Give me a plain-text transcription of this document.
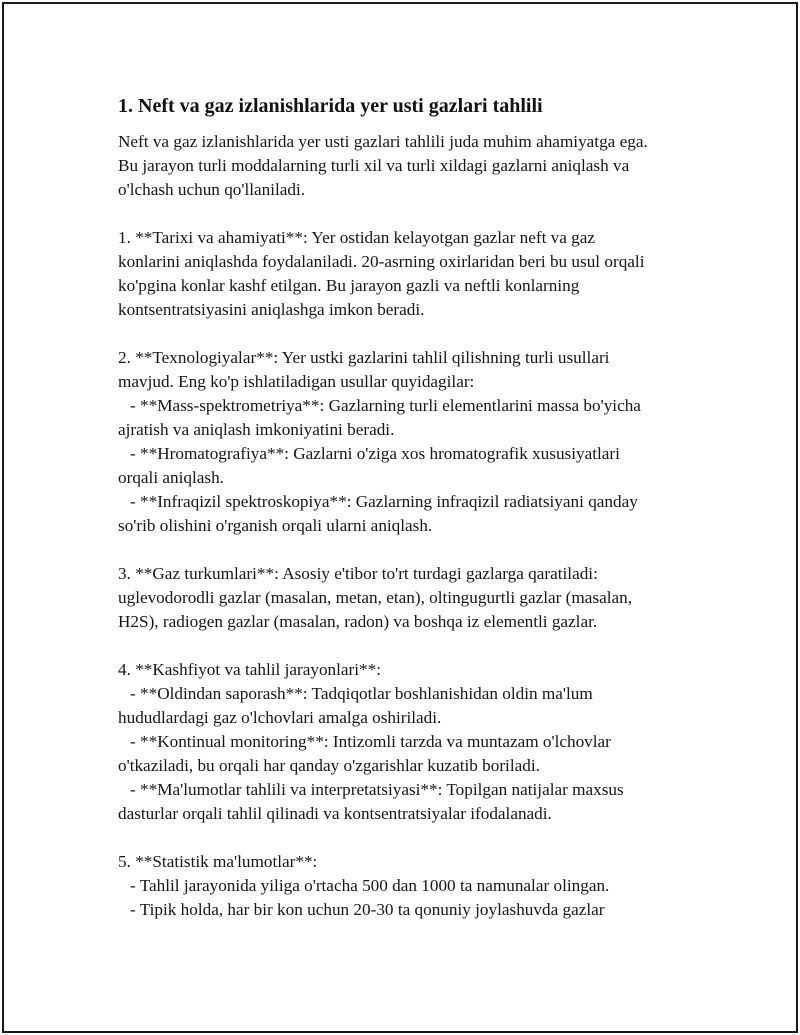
1. Neft va gaz izlanishlarida yer usti gazlari tahlili
Neft va gaz izlanishlarida yer usti gazlari tahlili juda muhim ahamiyatga ega.
Bu jarayon turli moddalarning turli xil va turli xildagi gazlarni aniqlash va
o'lchash uchun qo'llaniladi.
1. **Tarixi va ahamiyati**: Yer ostidan kelayotgan gazlar neft va gaz
konlarini aniqlashda foydalaniladi. 20-asrning oxirlaridan beri bu usul orqali
ko'pgina konlar kashf etilgan. Bu jarayon gazli va neftli konlarning
kontsentratsiyasini aniqlashga imkon beradi.
2. **Texnologiyalar**: Yer ustki gazlarini tahlil qilishning turli usullari
mavjud. Eng ko'p ishlatiladigan usullar quyidagilar:
- **Mass-spektrometriya**: Gazlarning turli elementlarini massa bo'yicha
ajratish va aniqlash imkoniyatini beradi.
- **Hromatografiya**: Gazlarni o'ziga xos hromatografik xususiyatlari
orqali aniqlash.
- **Infraqizil spektroskopiya**: Gazlarning infraqizil radiatsiyani qanday
so'rib olishini o'rganish orqali ularni aniqlash.
3. **Gaz turkumlari**: Asosiy e'tibor to'rt turdagi gazlarga qaratiladi:
uglevodorodli gazlar (masalan, metan, etan), oltingugurtli gazlar (masalan,
H2S), radiogen gazlar (masalan, radon) va boshqa iz elementli gazlar.
4. **Kashfiyot va tahlil jarayonlari**:
- **Oldindan saporash**: Tadqiqotlar boshlanishidan oldin ma'lum
hududlardagi gaz o'lchovlari amalga oshiriladi.
- **Kontinual monitoring**: Intizomli tarzda va muntazam o'lchovlar
o'tkaziladi, bu orqali har qanday o'zgarishlar kuzatib boriladi.
- **Ma'lumotlar tahlili va interpretatsiyasi**: Topilgan natijalar maxsus
dasturlar orqali tahlil qilinadi va kontsentratsiyalar ifodalanadi.
5. **Statistik ma'lumotlar**:
- Tahlil jarayonida yiliga o'rtacha 500 dan 1000 ta namunalar olingan.
- Tipik holda, har bir kon uchun 20-30 ta qonuniy joylashuvda gazlar
